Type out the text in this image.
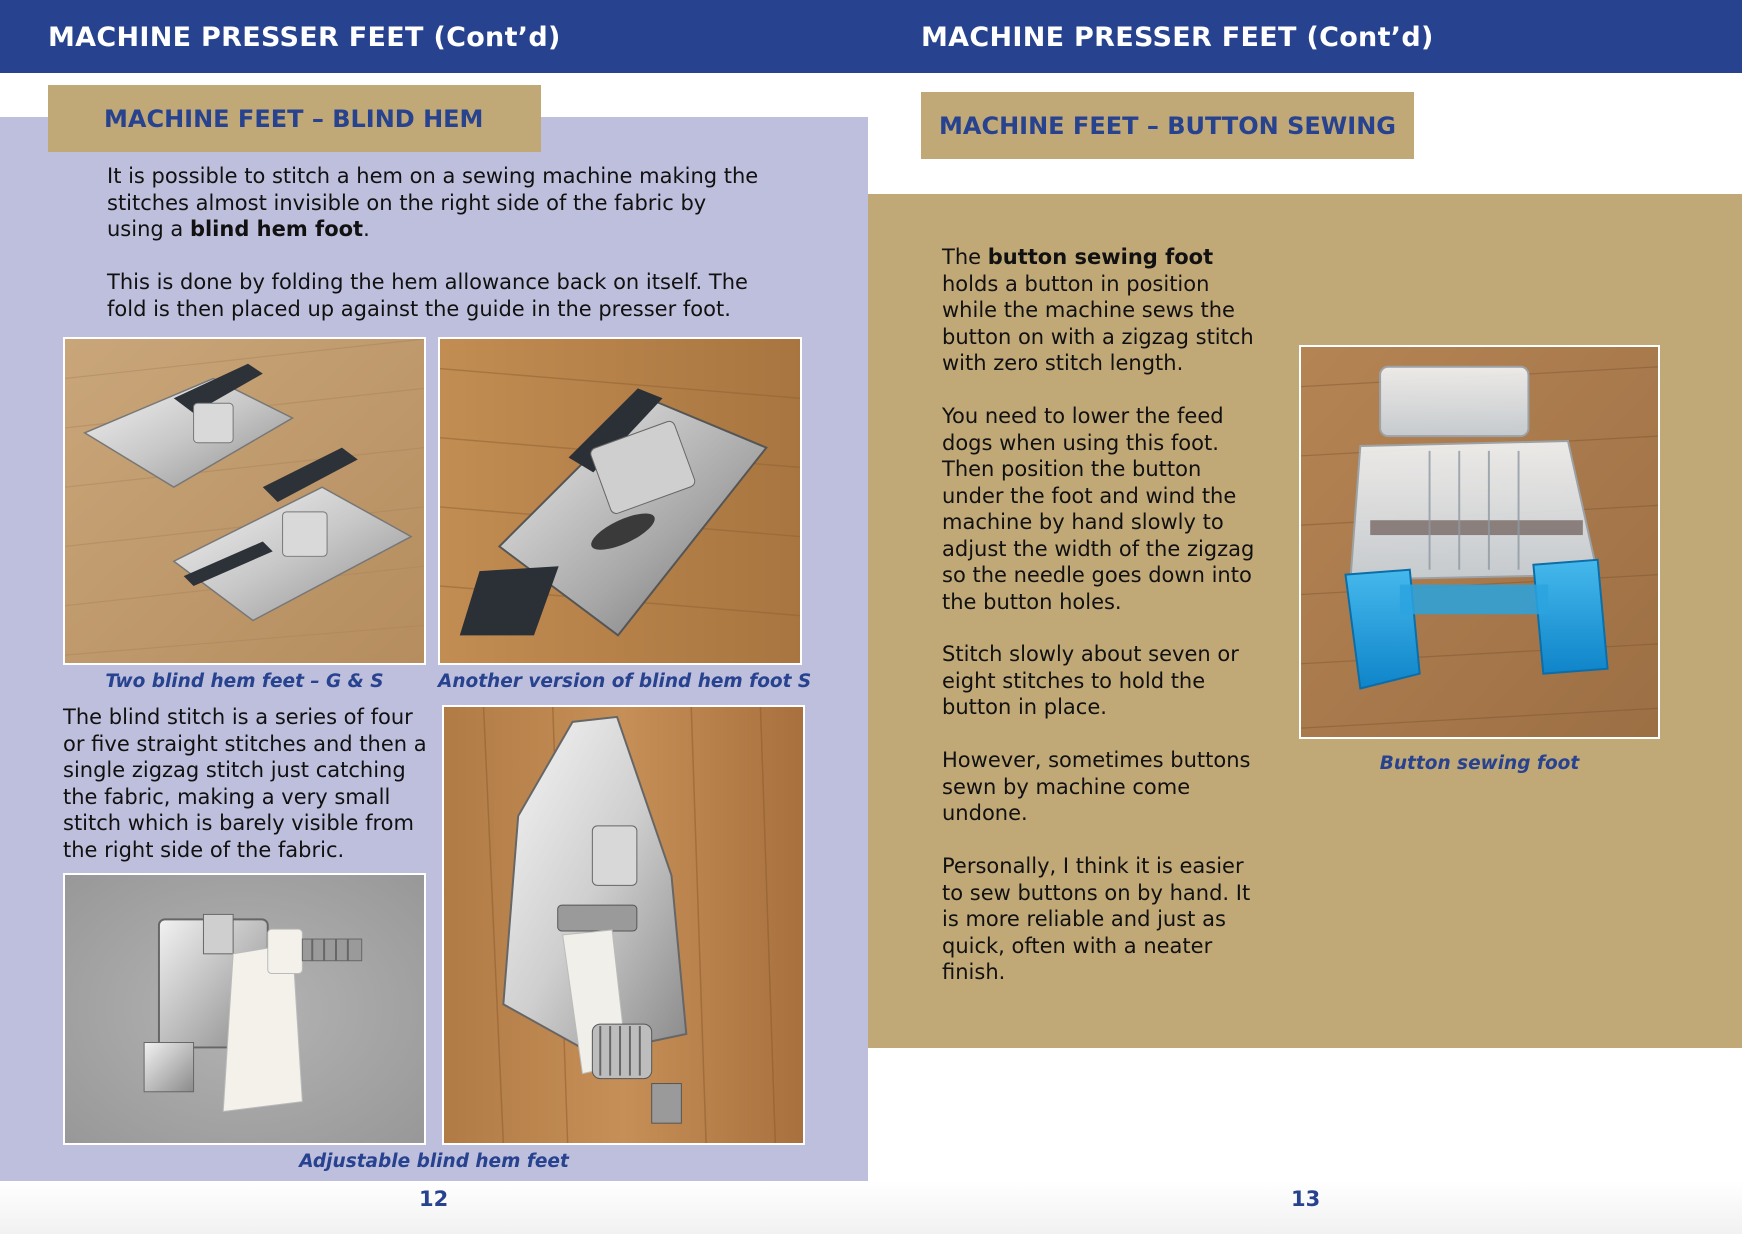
MACHINE PRESSER FEET (Cont’d)
MACHINE FEET – BLIND HEM
It is possible to stitch a hem on a sewing machine making the stitches almost invisible on the right side of the fabric by using a blind hem foot.
This is done by folding the hem allowance back on itself. The fold is then placed up against the guide in the presser foot.
Two blind hem feet – G & S	Another version of blind hem foot S
The blind stitch is a series of four or five straight stitches and then a single zigzag stitch just catching the fabric, making a very small stitch which is barely visible from the right side of the fabric.
Adjustable blind hem feet
12
MACHINE PRESSER FEET (Cont’d)
MACHINE FEET – BUTTON SEWING
The button sewing foot holds a button in position while the machine sews the button on with a zigzag stitch with zero stitch length.
You need to lower the feed dogs when using this foot. Then position the button under the foot and wind the machine by hand slowly to adjust the width of the zigzag so the needle goes down into the button holes.
Stitch slowly about seven or eight stitches to hold the button in place.
However, sometimes buttons sewn by machine come undone.
Personally, I think it is easier to sew buttons on by hand. It is more reliable and just as quick, often with a neater finish.
Button sewing foot
13
